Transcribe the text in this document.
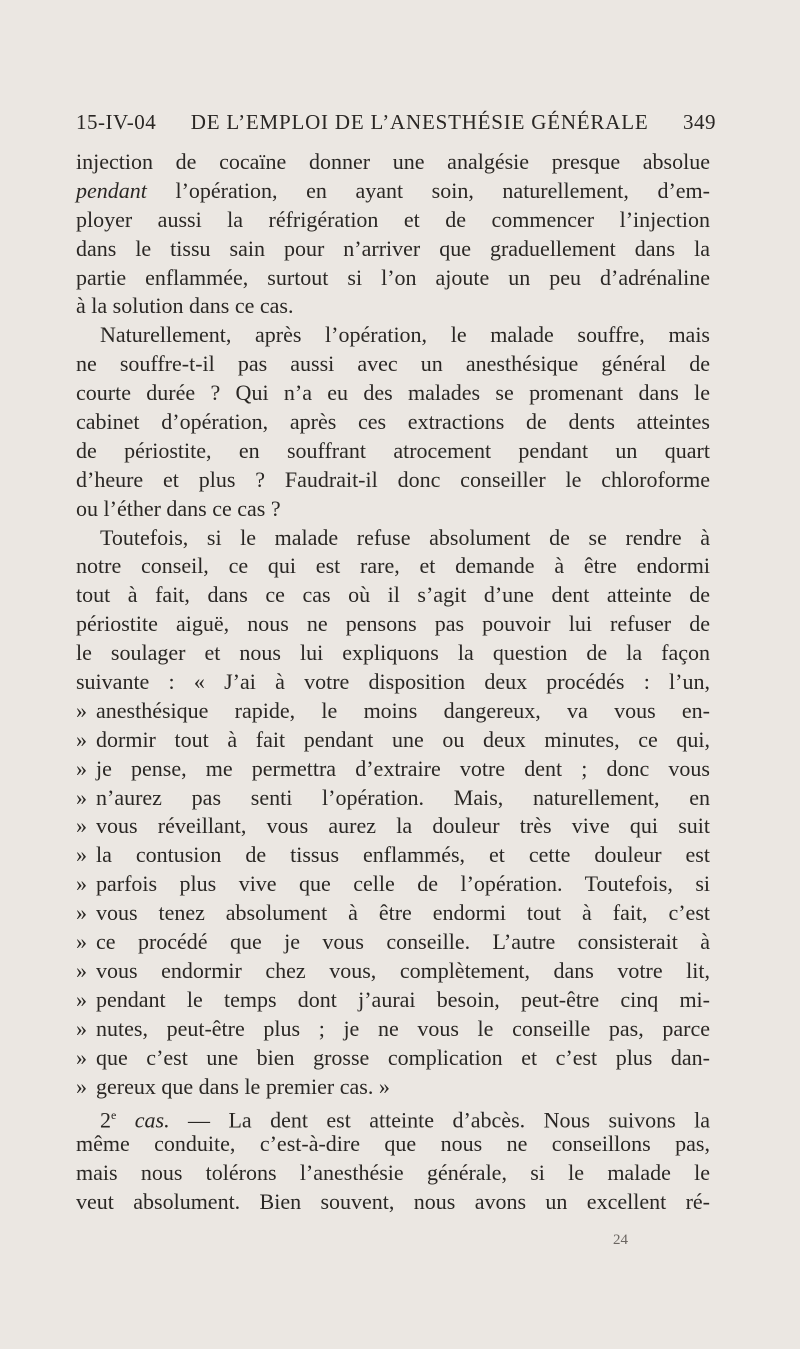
15-IV-04 DE L’EMPLOI DE L’ANESTHÉSIE GÉNÉRALE 349
injection de cocaïne donner une analgésie presque absolue
pendant l’opération, en ayant soin, naturellement, d’em-
ployer aussi la réfrigération et de commencer l’injection
dans le tissu sain pour n’arriver que graduellement dans la
partie enflammée, surtout si l’on ajoute un peu d’adrénaline
à la solution dans ce cas.
Naturellement, après l’opération, le malade souffre, mais
ne souffre-t-il pas aussi avec un anesthésique général de
courte durée ? Qui n’a eu des malades se promenant dans le
cabinet d’opération, après ces extractions de dents atteintes
de périostite, en souffrant atrocement pendant un quart
d’heure et plus ? Faudrait-il donc conseiller le chloroforme
ou l’éther dans ce cas ?
Toutefois, si le malade refuse absolument de se rendre à
notre conseil, ce qui est rare, et demande à être endormi
tout à fait, dans ce cas où il s’agit d’une dent atteinte de
périostite aiguë, nous ne pensons pas pouvoir lui refuser de
le soulager et nous lui expliquons la question de la façon
suivante : « J’ai à votre disposition deux procédés : l’un,
» anesthésique rapide, le moins dangereux, va vous en-
» dormir tout à fait pendant une ou deux minutes, ce qui,
» je pense, me permettra d’extraire votre dent ; donc vous
» n’aurez pas senti l’opération. Mais, naturellement, en
» vous réveillant, vous aurez la douleur très vive qui suit
» la contusion de tissus enflammés, et cette douleur est
» parfois plus vive que celle de l’opération. Toutefois, si
» vous tenez absolument à être endormi tout à fait, c’est
» ce procédé que je vous conseille. L’autre consisterait à
» vous endormir chez vous, complètement, dans votre lit,
» pendant le temps dont j’aurai besoin, peut-être cinq mi-
» nutes, peut-être plus ; je ne vous le conseille pas, parce
» que c’est une bien grosse complication et c’est plus dan-
» gereux que dans le premier cas. »
2e cas. — La dent est atteinte d’abcès. Nous suivons la
même conduite, c’est-à-dire que nous ne conseillons pas,
mais nous tolérons l’anesthésie générale, si le malade le
veut absolument. Bien souvent, nous avons un excellent ré-
24
